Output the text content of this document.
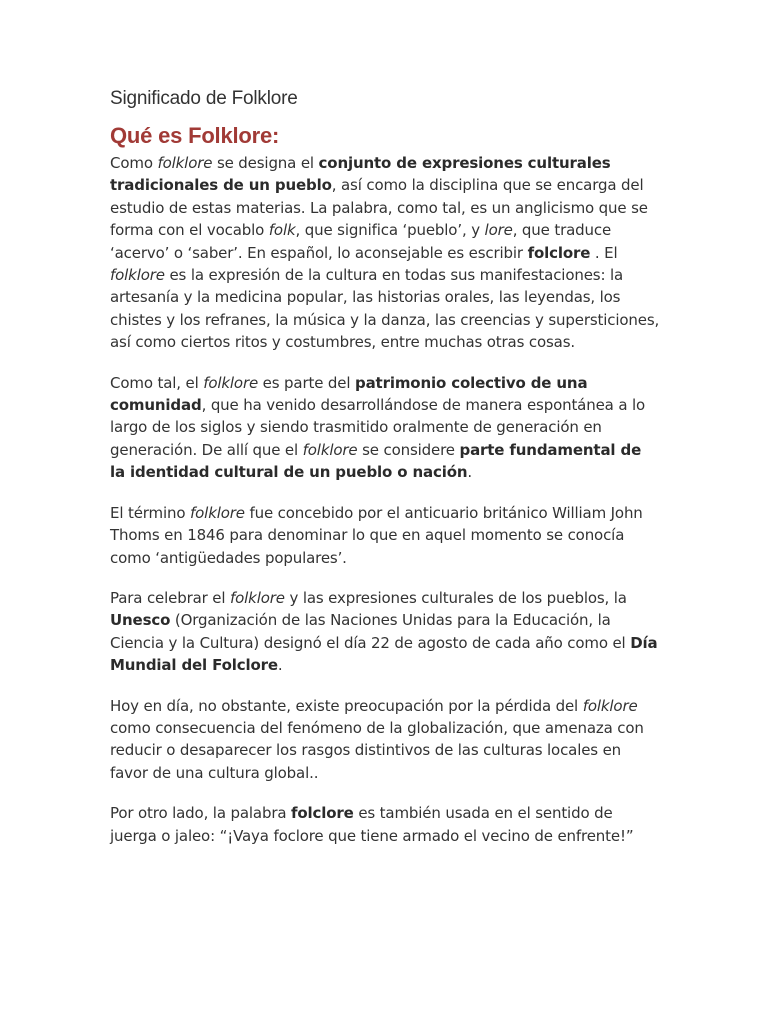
Significado de Folklore
Qué es Folklore:

Como folklore se designa el conjunto de expresiones culturales tradicionales de un pueblo, así como la disciplina que se encarga del estudio de estas materias. La palabra, como tal, es un anglicismo que se forma con el vocablo folk, que significa ‘pueblo’, y lore, que traduce ‘acervo’ o ‘saber’. En español, lo aconsejable es escribir folclore . El folklore es la expresión de la cultura en todas sus manifestaciones: la artesanía y la medicina popular, las historias orales, las leyendas, los chistes y los refranes, la música y la danza, las creencias y supersticiones, así como ciertos ritos y costumbres, entre muchas otras cosas.

Como tal, el folklore es parte del patrimonio colectivo de una comunidad, que ha venido desarrollándose de manera espontánea a lo largo de los siglos y siendo trasmitido oralmente de generación en generación. De allí que el folklore se considere parte fundamental de la identidad cultural de un pueblo o nación.

El término folklore fue concebido por el anticuario británico William John Thoms en 1846 para denominar lo que en aquel momento se conocía como ‘antigüedades populares’.

Para celebrar el folklore y las expresiones culturales de los pueblos, la Unesco (Organización de las Naciones Unidas para la Educación, la Ciencia y la Cultura) designó el día 22 de agosto de cada año como el Día Mundial del Folclore.

Hoy en día, no obstante, existe preocupación por la pérdida del folklore como consecuencia del fenómeno de la globalización, que amenaza con reducir o desaparecer los rasgos distintivos de las culturas locales en favor de una cultura global..

Por otro lado, la palabra folclore es también usada en el sentido de juerga o jaleo: “¡Vaya foclore que tiene armado el vecino de enfrente!”
